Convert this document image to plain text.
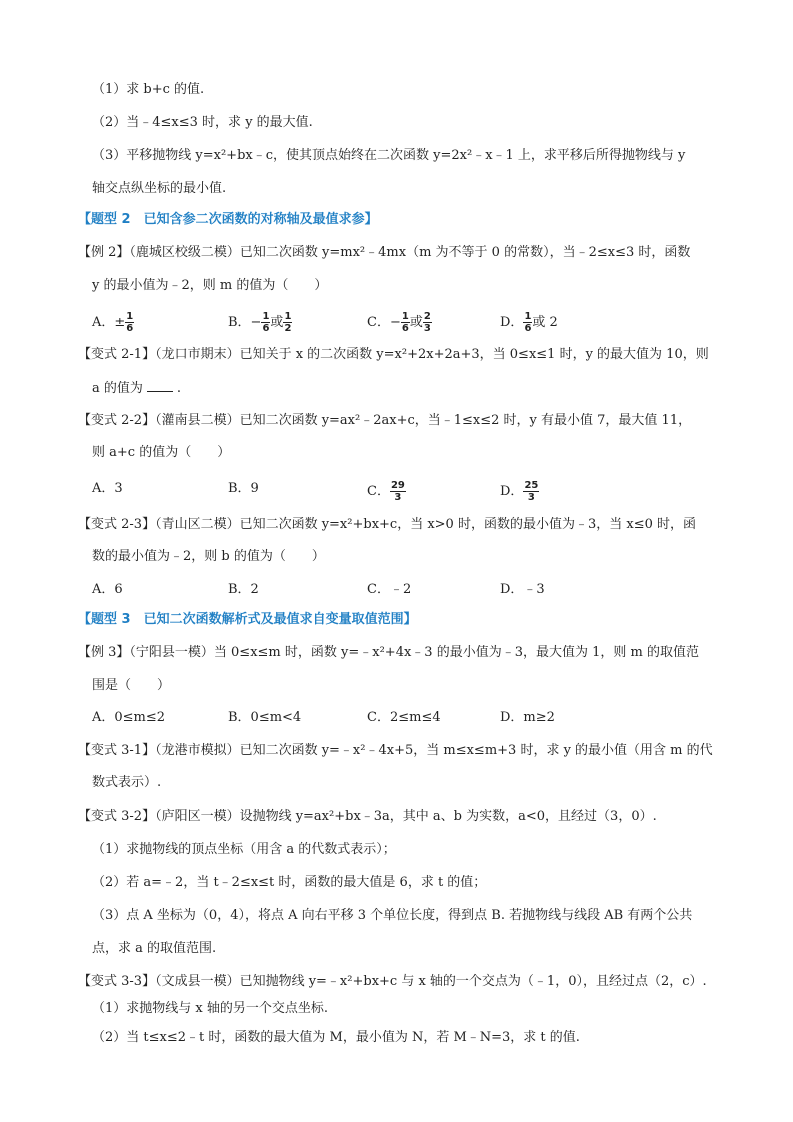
（1）求 b+c 的值.
（2）当﹣4≤x≤3 时，求 y 的最大值.
（3）平移抛物线 y=x²+bx﹣c，使其顶点始终在二次函数 y=2x²﹣x﹣1 上，求平移后所得抛物线与 y
轴交点纵坐标的最小值.
【题型 2　已知含参二次函数的对称轴及最值求参】
【例 2】（鹿城区校级二模）已知二次函数 y=mx²﹣4mx（m 为不等于 0 的常数），当﹣2≤x≤3 时，函数
y 的最小值为﹣2，则 m 的值为（　　）
A．± $\frac{1}{6}$	B．− $\frac{1}{6}$ 或 $\frac{1}{2}$	C．− $\frac{1}{6}$ 或 $\frac{2}{3}$	D． $\frac{1}{6}$ 或 2
【变式 2-1】（龙口市期末）已知关于 x 的二次函数 y=x²+2x+2a+3，当 0≤x≤1 时，y 的最大值为 10，则
a 的值为	.
【变式 2-2】（灌南县二模）已知二次函数 y=ax²﹣2ax+c，当﹣1≤x≤2 时，y 有最小值 7，最大值 11，
则 a+c 的值为（　　）
A．3	B．9	C． $\frac{29}{3}$	D． $\frac{25}{3}$
【变式 2-3】（青山区二模）已知二次函数 y=x²+bx+c，当 x>0 时，函数的最小值为﹣3，当 x≤0 时，函
数的最小值为﹣2，则 b 的值为（　　）
A．6	B．2	C．﹣2	D．﹣3
【题型 3　已知二次函数解析式及最值求自变量取值范围】
【例 3】（宁阳县一模）当 0≤x≤m 时，函数 y=﹣x²+4x﹣3 的最小值为﹣3，最大值为 1，则 m 的取值范
围是（　　）
A．0≤m≤2	B．0≤m<4	C．2≤m≤4	D．m≥2
【变式 3-1】（龙港市模拟）已知二次函数 y=﹣x²﹣4x+5，当 m≤x≤m+3 时，求 y 的最小值（用含 m 的代
数式表示）.
【变式 3-2】（庐阳区一模）设抛物线 y=ax²+bx﹣3a，其中 a、b 为实数，a<0，且经过（3，0）.
（1）求抛物线的顶点坐标（用含 a 的代数式表示）；
（2）若 a=﹣2，当 t﹣2≤x≤t 时，函数的最大值是 6，求 t 的值；
（3）点 A 坐标为（0，4），将点 A 向右平移 3 个单位长度，得到点 B. 若抛物线与线段 AB 有两个公共
点，求 a 的取值范围.
【变式 3-3】（文成县一模）已知抛物线 y=﹣x²+bx+c 与 x 轴的一个交点为（﹣1，0），且经过点（2，c）.
（1）求抛物线与 x 轴的另一个交点坐标.
（2）当 t≤x≤2﹣t 时，函数的最大值为 M，最小值为 N，若 M﹣N=3，求 t 的值.
